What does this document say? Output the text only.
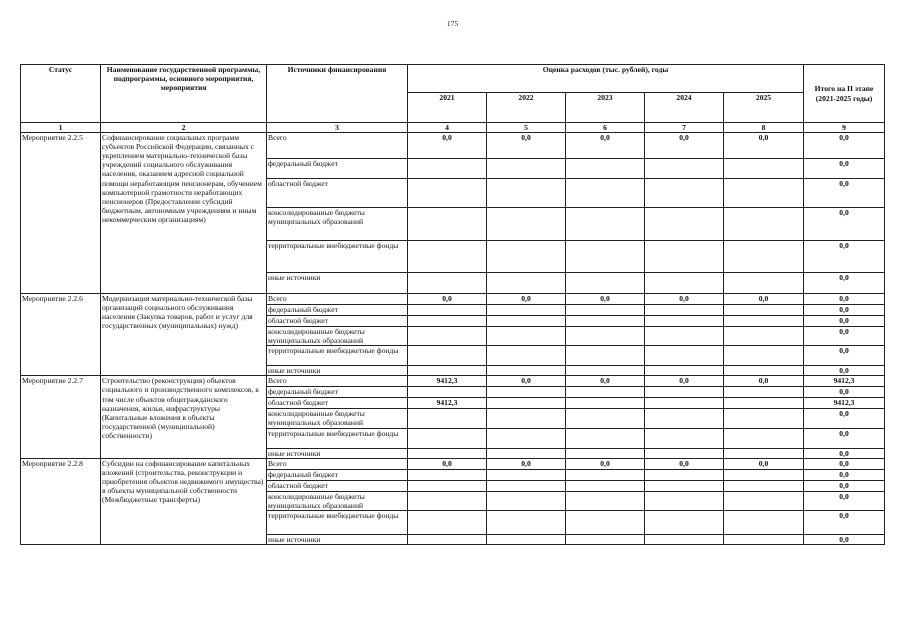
175
Статус	Наименование государственной программы, подпрограммы, основного мероприятия, мероприятия	Источники финансирования	Оценка расходов (тыс. рублей), годы					Итого на II этапе (2021-2025 годы)
			2021	2022	2023	2024	2025	
1	2	3	4	5	6	7	8	9
Мероприятие 2.2.5	Софинансирование социальных программ субъектов Российской Федерации, связанных с укреплением материально-технической базы учреждений социального обслуживания населения, оказанием адресной социальной помощи неработающим пенсионерам, обучением компьютерной грамотности неработающих пенсионеров (Предоставление субсидий бюджетным, автономным учреждениям и иным некоммерческим организациям)	Всего	0,0	0,0	0,0	0,0	0,0	0,0
		федеральный бюджет						0,0
		областной бюджет						0,0
		консолидированные бюджеты муниципальных образований						0,0
		территориальные внебюджетные фонды						0,0
		иные источники						0,0
Мероприятие 2.2.6	Модернизация материально-технической базы организаций социального обслуживания населения (Закупка товаров, работ и услуг для государственных (муниципальных) нужд)	Всего	0,0	0,0	0,0	0,0	0,0	0,0
		федеральный бюджет						0,0
		областной бюджет						0,0
		консолидированные бюджеты муниципальных образований						0,0
		территориальные внебюджетные фонды						0,0
		иные источники						0,0
Мероприятие 2.2.7	Строительство (реконструкция) объектов социального и производственного комплексов, в том числе объектов общегражданского назначения, жилья, инфраструктуры (Капитальные вложения в объекты государственной (муниципальной) собственности)	Всего	9412,3	0,0	0,0	0,0	0,0	9412,3
		федеральный бюджет						0,0
		областной бюджет	9412,3					9412,3
		консолидированные бюджеты муниципальных образований						0,0
		территориальные внебюджетные фонды						0,0
		иные источники						0,0
Мероприятие 2.2.8	Субсидии на софинансирование капитальных вложений (строительства, реконструкции и приобретения объектов недвижимого имущества) в объекты муниципальной собственности (Межбюджетные трансферты)	Всего	0,0	0,0	0,0	0,0	0,0	0,0
		федеральный бюджет						0,0
		областной бюджет						0,0
		консолидированные бюджеты муниципальных образований						0,0
		территориальные внебюджетные фонды						0,0
		иные источники						0,0
